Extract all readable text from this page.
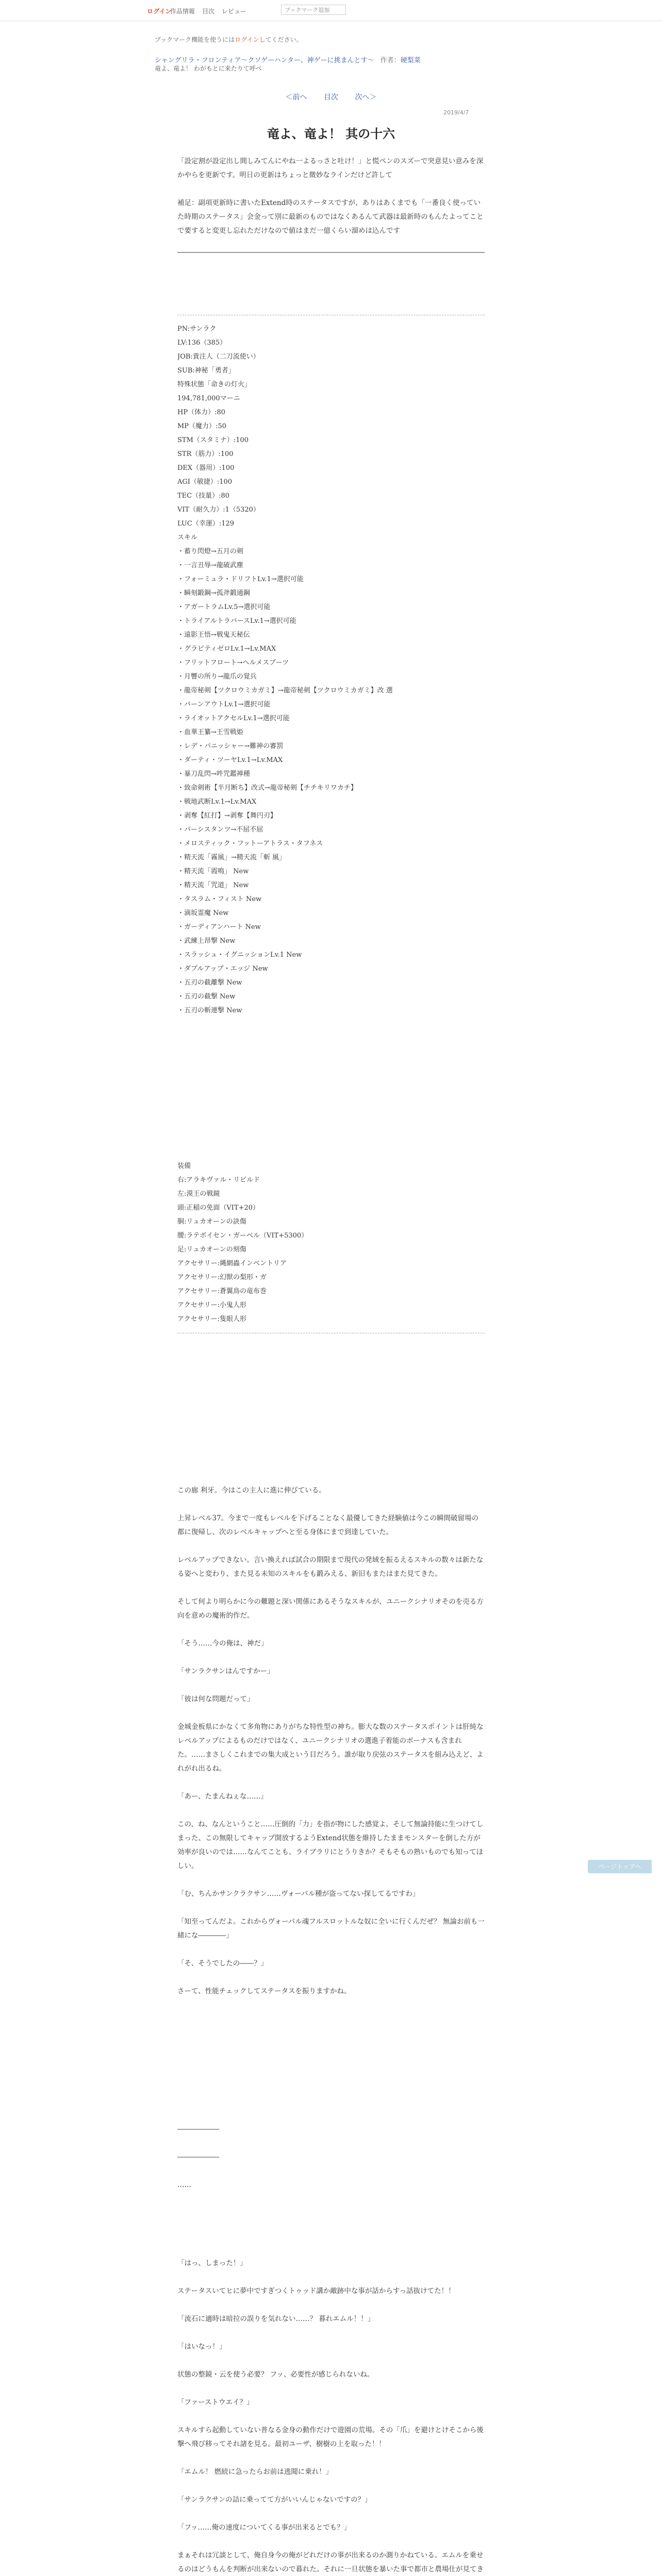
ログイン
作品情報 目次 レビュー	ブックマーク追加
ブックマーク機能を使うにはログインしてください。
シャングリラ・フロンティア〜クソゲーハンター、神ゲーに挑まんとす〜 作者：硬梨菜
竜よ、竜よ！ わがもとに来たりて呼べ
＜前へ 目次 次へ＞
2019/4/7
竜よ、竜よ！ 其の十六

「設定割が設定出し間しみてんにやね一よるっさと吐け！」と慌ペンのスズーで突意見い意みを深かやらを更新です。明日の更新はちょっと微妙なラインだけど許して

補足：副項更新時に書いたExtend時のステータスですが、ありはあくまでも「一番良く使っていた時期のステータス」会金って別に最新のものではなくあるんて武器は最新時のもんたよってことで要すると変更し忘れただけなので値はまだ一億くらい溜めは込んです

PN:サンラク
LV:136（385）
JOB:貴注人（二刀流使い）
SUB:神秘「勇者」
特殊状態「命きの灯火」
194,781,000マーニ
HP（体力）:80
MP（魔力）:50
STM（スタミナ）:100
STR（筋力）:100
DEX（器用）:100
AGI（敏捷）:100
TEC（技量）:80
VIT（耐久力）:1（5320）
LUC（幸運）:129
スキル
・蓄り閃燈→五月の剣
・一言丑辱→龍破武塵
・フォーミュラ・ドリフトLv.1→選択可能
・瞬刻鍛鋼→孤斧鍛通鋼
・アガートラムLv.5→選択可能
・トライアルトラバースLv.1→選択可能
・遠影王悟→戦鬼天秘伝
・グラビティゼロLv.1→Lv.MAX
・フリットフロート→ヘルメスブーツ
・月響の所り→龍爪の覚兵
・龍帝秘剣【ツクロウミカガミ】→龍帝秘剣【ツクロウミカガミ】改 選
・バーンアウトLv.1→選択可能
・ライオットアクセルLv.1→選択可能
・血華王纂→王雪戦姫
・レデ・パニッシャー→難神の審罰
・ダーティ・ツーヤLv.1→Lv.MAX
・暴刀乱閃→吽咒鑑禅種
・致命剣術【半月断ち】改式→龍帝秘剣【チチキリワカチ】
・戦地武断Lv.1→Lv.MAX
・剥奪【紅打】→剥奪【舞円刃】
・パーシスタンツ→不屈不屈
・メロスティック・フットーアトラス・タフネス
・精天流「霧風」→精天流「斬 風」
・精天流「霞鳴」 New
・精天流「咒道」 New
・タスラム・フィスト New
・滴坂霊魔 New
・ガーディアンハート New
・武練上昂撃 New
・スラッシュ・イグニッションLv.1 New
・ダブルアップ・エッジ New
・五刃の截離撃 New
・五刃の截撃 New
・五刃の斬連撃 New
装備
右:アラキヴァル・リビルド
左:漠王の戦鏡
頭:正稲の免面（VIT+20）
胴:リュカオーンの訣傷
腰:ラテボイセン・ガーベル（VIT+5300）
足:リュカオーンの刻傷
アクセサリー:縄網蟲インベントリア
アクセサリー:幻獣の梨形・ガ
アクセサリー:蒼翼鳥の竜布巻
アクセサリー:小鬼人形
アクセサリー:隻眼人形

この廊 利牙。今はこの主人に進に伸びている。

上昇レベル37。今まで一度もレベルを下げることなく最優してきた経験値は今この瞬間破留場の都に復帰し、次のレベルキャップへと至る身体にまで到達していた。

レベルアップできない。言い換えれば試合の期限まで現代の発域を振るえるスキルの数々は新たなる姿へと変わり、また見る未知のスキルをも鍛みえる、新旧もまたはまた見てきた。

そして何より明らかに今の難題と深い関係にあるそうなスキルが、ユニークシナリオそのを売る方向を意めの魔術的作だ。

「そう……今の俺は、神だ」

「サンラクサンはんですかー」

「彼は何な問題だって」

金城金板県にかなくて多角物にありがちな特性型の神ち。膨大な数のステータスポイントは肝純なレベルアップによるものだけではなく、ユニークシナリオの選進子着能のボーナスも含まれた。……まさしくこれまでの集大成という目だろう。誰が取り戻弦のステータスを組み込えど、よれがれ出るね。

「あー、たまんねぇな……」

この、ね、なんということ……圧倒的「力」を指が物にした感覚よ。そして無論持能に生つけてしまった、この無限してキャップ開放するようExtend状態を維持したままモンスターを倒した方が効率が良いのでは……なんてことも、ライブラリにとうりきか？そもそもの熟いものでも知ってほしい。

「む、ちんかサンクラクサン……ヴォーパル種が盗ってない探してるですわ」

「知至ってんだよ。これからヴォーパル魂フルスロットルな奴に全いに行くんだぜ？ 無論お前も一緒にな――――」

「そ、そうでしたの――？」

さーて、性能チェックしてステータスを振りますかね。

――――――

――――――

……

「はっ、しまった！」

ステータスいてヒに夢中ですぎつくトゥッド講か敵跡中な事が話からすっ話抜けてた！！

「流石に適時は暗拉の誤りを気れない……？ 暮れエムル！！」

「はいなっ！」

状態の整鏡・云を使う必要？ フッ、必要性が感じられないね。

「ファーストウエイ？」

スキルすら起動していない普なる金身の動作だけで遊園の荒場。その「爪」を避けとけそこから後撃へ飛び移ってそれ諸を見る。最初ユーザ、樹樹の上を取った！！

「エムル！ 燃続に急ったらお前は逃聞に乗れ！」

「サンラクサンの詰に乗ってて方がいいんじゃないですの？」

「フッ……俺の速度についてくる事が出来るとでも？」

まぁそれは冗談として、俺自身今の俺がどれだけの事が出来るのか測りかねている。エムルを乗せるのはどうもんを判断が出来ないので暮れた。それに一旦状態を暴いた事で都市と農場仕が見てき

ページトップへ
